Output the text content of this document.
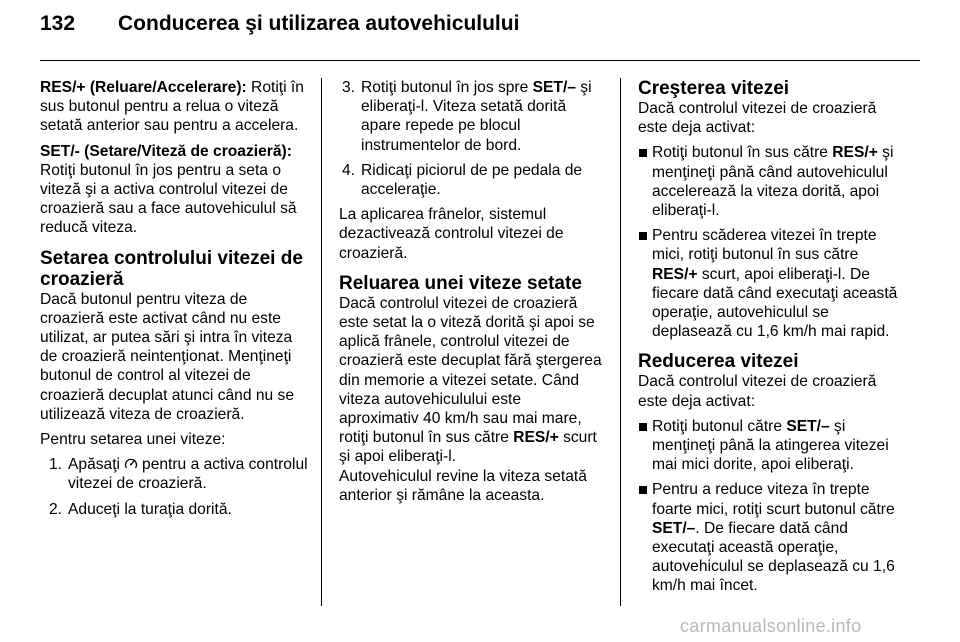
132	Conducerea şi utilizarea autovehiculului

RES/+ (Reluare/Accelerare): Rotiţi în sus butonul pentru a relua o viteză setată anterior sau pentru a accelera.

SET/- (Setare/Viteză de croazieră): Rotiţi butonul în jos pentru a seta o viteză şi a activa controlul vitezei de croazieră sau a face autovehiculul să reducă viteza.

Setarea controlului vitezei de croazieră

Dacă butonul pentru viteza de croazieră este activat când nu este utilizat, ar putea sări şi intra în viteza de croazieră neintenţionat. Menţineţi butonul de control al vitezei de croazieră decuplat atunci când nu se utilizează viteza de croazieră.

Pentru setarea unei viteze:

1. Apăsaţi pentru a activa controlul vitezei de croazieră.
2. Aduceţi la turaţia dorită.
3. Rotiţi butonul în jos spre SET/– şi eliberaţi-l. Viteza setată dorită apare repede pe blocul instrumentelor de bord.
4. Ridicaţi piciorul de pe pedala de acceleraţie.

La aplicarea frânelor, sistemul dezactivează controlul vitezei de croazieră.

Reluarea unei viteze setate

Dacă controlul vitezei de croazieră este setat la o viteză dorită şi apoi se aplică frânele, controlul vitezei de croazieră este decuplat fără ştergerea din memorie a vitezei setate. Când viteza autovehiculului este aproximativ 40 km/h sau mai mare, rotiţi butonul în sus către RES/+ scurt şi apoi eliberaţi-l.

Autovehiculul revine la viteza setată anterior şi rămâne la aceasta.

Creşterea vitezei

Dacă controlul vitezei de croazieră este deja activat:

Rotiţi butonul în sus către RES/+ şi menţineţi până când autovehiculul accelerează la viteza dorită, apoi eliberaţi-l.
Pentru scăderea vitezei în trepte mici, rotiţi butonul în sus către RES/+ scurt, apoi eliberaţi-l. De fiecare dată când executaţi această operaţie, autovehiculul se deplasează cu 1,6 km/h mai rapid.
Reducerea vitezei

Dacă controlul vitezei de croazieră este deja activat:

Rotiţi butonul către SET/– şi menţineţi până la atingerea vitezei mai mici dorite, apoi eliberaţi.
Pentru a reduce viteza în trepte foarte mici, rotiţi scurt butonul către SET/–. De fiecare dată când executaţi această operaţie, autovehiculul se deplasează cu 1,6 km/h mai încet.
carmanualsonline.info
